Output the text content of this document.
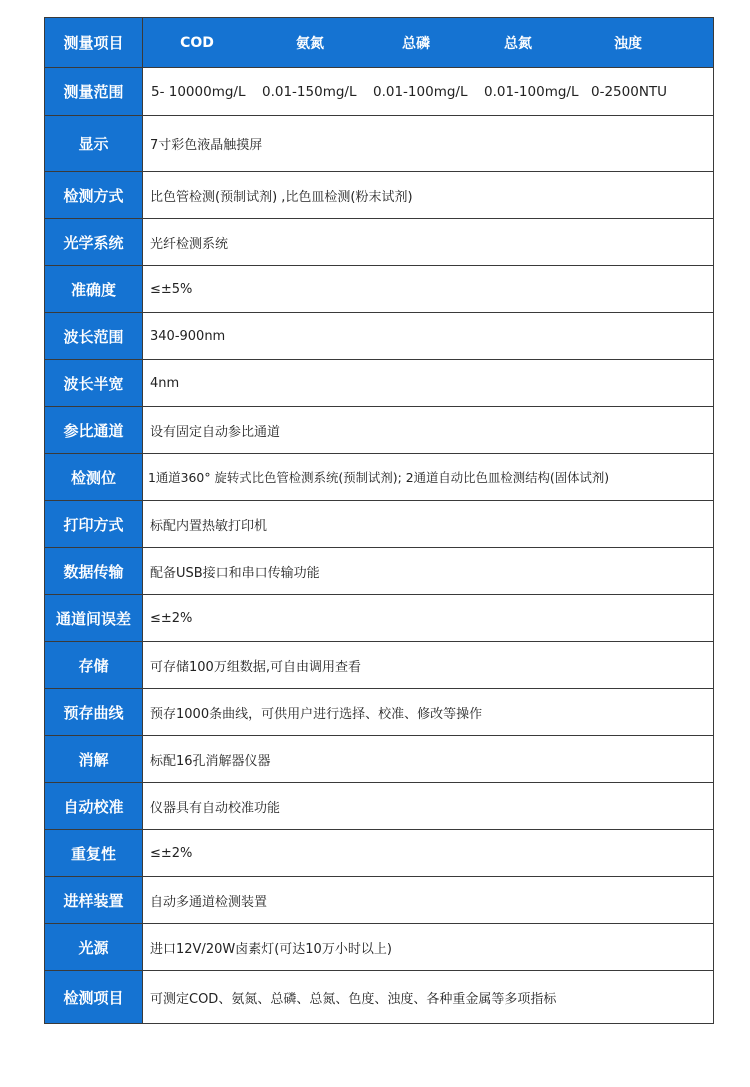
测量项目	COD 氨氮 总磷 总氮 浊度

测量范围	5- 10000mg/L 0.01-150mg/L 0.01-100mg/L 0.01-100mg/L 0-2500NTU

显示	7寸彩色液晶触摸屏
检测方式	比色管检测(预制试剂) ,比色皿检测(粉末试剂)
光学系统	光纤检测系统
准确度	≤±5%
波长范围	340-900nm
波长半宽	4nm
参比通道	设有固定自动参比通道
检测位	1通道360° 旋转式比色管检测系统(预制试剂); 2通道自动比色皿检测结构(固体试剂)
打印方式	标配内置热敏打印机
数据传输	配备USB接口和串口传输功能
通道间误差	≤±2%
存储	可存储100万组数据,可自由调用查看
预存曲线	预存1000条曲线，可供用户进行选择、校准、修改等操作
消解	标配16孔消解器仪器
自动校准	仪器具有自动校准功能
重复性	≤±2%
进样装置	自动多通道检测装置
光源	进口12V/20W卤素灯(可达10万小时以上)
检测项目	可测定COD、氨氮、总磷、总氮、色度、浊度、各种重金属等多项指标
